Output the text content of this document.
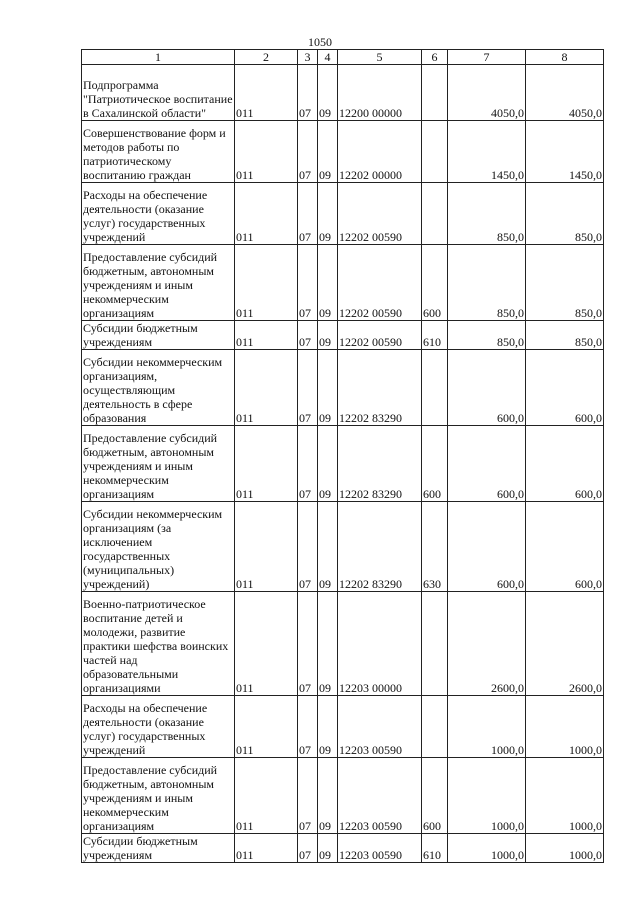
1050
1	2	3	4	5	6	7	8
Подпрограмма "Патриотическое воспитание в Сахалинской области"	011	07	09	12200 00000		4050,0	4050,0
Совершенствование форм и методов работы по патриотическому воспитанию граждан	011	07	09	12202 00000		1450,0	1450,0
Расходы на обеспечение деятельности (оказание услуг) государственных учреждений	011	07	09	12202 00590		850,0	850,0
Предоставление субсидий бюджетным, автономным учреждениям и иным некоммерческим организациям	011	07	09	12202 00590	600	850,0	850,0
Субсидии бюджетным учреждениям	011	07	09	12202 00590	610	850,0	850,0
Субсидии некоммерческим организациям, осуществляющим деятельность в сфере образования	011	07	09	12202 83290		600,0	600,0
Предоставление субсидий бюджетным, автономным учреждениям и иным некоммерческим организациям	011	07	09	12202 83290	600	600,0	600,0
Субсидии некоммерческим организациям (за исключением государственных (муниципальных) учреждений)	011	07	09	12202 83290	630	600,0	600,0
Военно-патриотическое воспитание детей и молодежи, развитие практики шефства воинских частей над образовательными организациями	011	07	09	12203 00000		2600,0	2600,0
Расходы на обеспечение деятельности (оказание услуг) государственных учреждений	011	07	09	12203 00590		1000,0	1000,0
Предоставление субсидий бюджетным, автономным учреждениям и иным некоммерческим организациям	011	07	09	12203 00590	600	1000,0	1000,0
Субсидии бюджетным учреждениям	011	07	09	12203 00590	610	1000,0	1000,0
